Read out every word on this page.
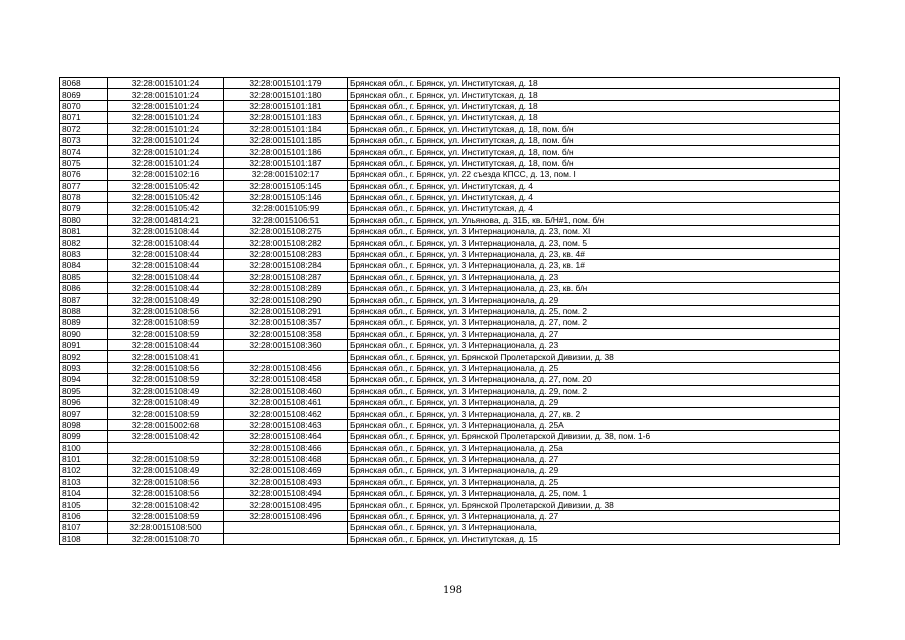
8068	32:28:0015101:24	32:28:0015101:179	Брянская обл., г. Брянск, ул. Институтская, д. 18
8069	32:28:0015101:24	32:28:0015101:180	Брянская обл., г. Брянск, ул. Институтская, д. 18
8070	32:28:0015101:24	32:28:0015101:181	Брянская обл., г. Брянск, ул. Институтская, д. 18
8071	32:28:0015101:24	32:28:0015101:183	Брянская обл., г. Брянск, ул. Институтская, д. 18
8072	32:28:0015101:24	32:28:0015101:184	Брянская обл., г. Брянск, ул. Институтская, д. 18, пом. б/н
8073	32:28:0015101:24	32:28:0015101:185	Брянская обл., г. Брянск, ул. Институтская, д. 18, пом. б/н
8074	32:28:0015101:24	32:28:0015101:186	Брянская обл., г. Брянск, ул. Институтская, д. 18, пом. б/н
8075	32:28:0015101:24	32:28:0015101:187	Брянская обл., г. Брянск, ул. Институтская, д. 18, пом. б/н
8076	32:28:0015102:16	32:28:0015102:17	Брянская обл., г. Брянск, ул. 22 съезда КПСС, д. 13, пом. I
8077	32:28:0015105:42	32:28:0015105:145	Брянская обл., г. Брянск, ул. Институтская, д. 4
8078	32:28:0015105:42	32:28:0015105:146	Брянская обл., г. Брянск, ул. Институтская, д. 4
8079	32:28:0015105:42	32:28:0015105:99	Брянская обл., г. Брянск, ул. Институтская, д. 4
8080	32:28:0014814:21	32:28:0015106:51	Брянская обл., г. Брянск, ул. Ульянова, д. 31Б, кв. Б/Н#1, пом. б/н
8081	32:28:0015108:44	32:28:0015108:275	Брянская обл., г. Брянск, ул. 3 Интернационала, д. 23, пом. XI
8082	32:28:0015108:44	32:28:0015108:282	Брянская обл., г. Брянск, ул. 3 Интернационала, д. 23, пом. 5
8083	32:28:0015108:44	32:28:0015108:283	Брянская обл., г. Брянск, ул. 3 Интернационала, д. 23, кв. 4#
8084	32:28:0015108:44	32:28:0015108:284	Брянская обл., г. Брянск, ул. 3 Интернационала, д. 23, кв. 1#
8085	32:28:0015108:44	32:28:0015108:287	Брянская обл., г. Брянск, ул. 3 Интернационала, д. 23
8086	32:28:0015108:44	32:28:0015108:289	Брянская обл., г. Брянск, ул. 3 Интернационала, д. 23, кв. б/н
8087	32:28:0015108:49	32:28:0015108:290	Брянская обл., г. Брянск, ул. 3 Интернационала, д. 29
8088	32:28:0015108:56	32:28:0015108:291	Брянская обл., г. Брянск, ул. 3 Интернационала, д. 25, пом. 2
8089	32:28:0015108:59	32:28:0015108:357	Брянская обл., г. Брянск, ул. 3 Интернационала, д. 27, пом. 2
8090	32:28:0015108:59	32:28:0015108:358	Брянская обл., г. Брянск, ул. 3 Интернационала, д. 27
8091	32:28:0015108:44	32:28:0015108:360	Брянская обл., г. Брянск, ул. 3 Интернационала, д. 23
8092	32:28:0015108:41		Брянская обл., г. Брянск, ул. Брянской Пролетарской Дивизии, д. 38
8093	32:28:0015108:56	32:28:0015108:456	Брянская обл., г. Брянск, ул. 3 Интернационала, д. 25
8094	32:28:0015108:59	32:28:0015108:458	Брянская обл., г. Брянск, ул. 3 Интернационала, д. 27, пом. 20
8095	32:28:0015108:49	32:28:0015108:460	Брянская обл., г. Брянск, ул. 3 Интернационала, д. 29, пом. 2
8096	32:28:0015108:49	32:28:0015108:461	Брянская обл., г. Брянск, ул. 3 Интернационала, д. 29
8097	32:28:0015108:59	32:28:0015108:462	Брянская обл., г. Брянск, ул. 3 Интернационала, д. 27, кв. 2
8098	32:28:0015002:68	32:28:0015108:463	Брянская обл., г. Брянск, ул. 3 Интернационала, д. 25А
8099	32:28:0015108:42	32:28:0015108:464	Брянская обл., г. Брянск, ул. Брянской Пролетарской Дивизии, д. 38, пом. 1-6
8100		32:28:0015108:466	Брянская обл., г. Брянск, ул. 3 Интернационала, д. 25а
8101	32:28:0015108:59	32:28:0015108:468	Брянская обл., г. Брянск, ул. 3 Интернационала, д. 27
8102	32:28:0015108:49	32:28:0015108:469	Брянская обл., г. Брянск, ул. 3 Интернационала, д. 29
8103	32:28:0015108:56	32:28:0015108:493	Брянская обл., г. Брянск, ул. 3 Интернационала, д. 25
8104	32:28:0015108:56	32:28:0015108:494	Брянская обл., г. Брянск, ул. 3 Интернационала, д. 25, пом. 1
8105	32:28:0015108:42	32:28:0015108:495	Брянская обл., г. Брянск, ул. Брянской Пролетарской Дивизии, д. 38
8106	32:28:0015108:59	32:28:0015108:496	Брянская обл., г. Брянск, ул. 3 Интернационала, д. 27
8107	32:28:0015108:500		Брянская обл., г. Брянск, ул. 3 Интернационала,
8108	32:28:0015108:70		Брянская обл., г. Брянск, ул. Институтская, д. 15
198
